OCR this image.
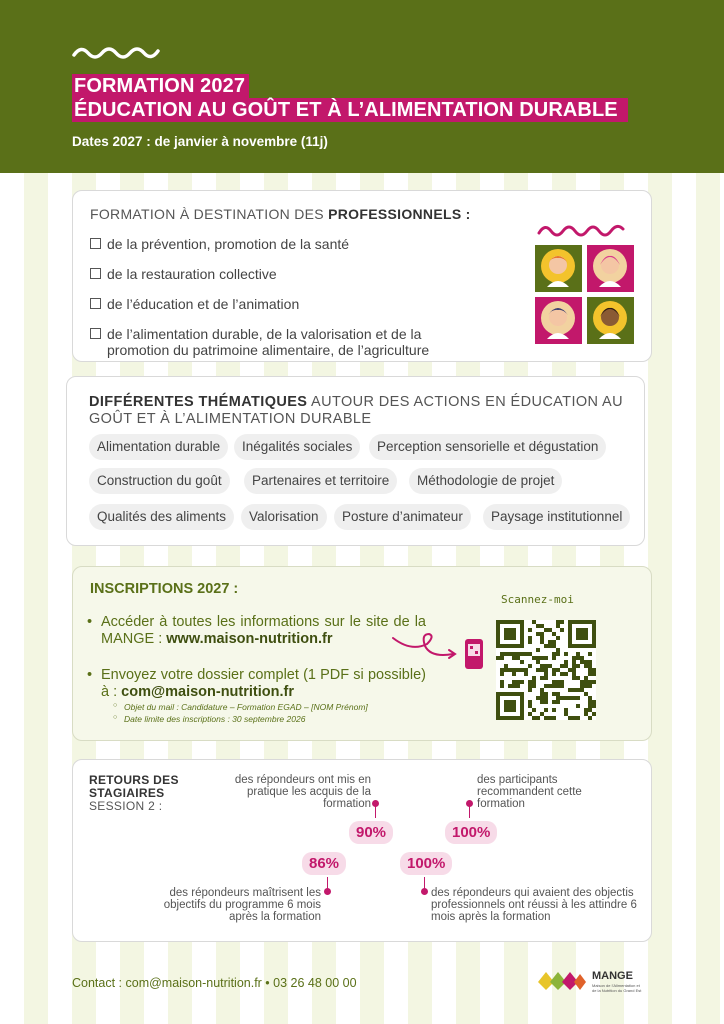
FORMATION 2027
ÉDUCATION AU GOÛT ET À L’ALIMENTATION DURABLE
Dates 2027 : de janvier à novembre (11j)
FORMATION À DESTINATION DES PROFESSIONNELS :
de la prévention, promotion de la santé
de la restauration collective
de l’éducation et de l’animation
de l’alimentation durable, de la valorisation et de la promotion du patrimoine alimentaire, de l’agriculture
DIFFÉRENTES THÉMATIQUES AUTOUR DES ACTIONS EN ÉDUCATION AU GOÛT ET À L’ALIMENTATION DURABLE
Alimentation durable	Inégalités sociales	Perception sensorielle et dégustation
Construction du goût	Partenaires et territoire	Méthodologie de projet
Qualités des aliments	Valorisation	Posture d’animateur	Paysage institutionnel
INSCRIPTIONS 2027 :
• Accéder à toutes les informations sur le site de la MANGE : www.maison-nutrition.fr
• Envoyez votre dossier complet (1 PDF si possible) à : com@maison-nutrition.fr
○ Objet du mail : Candidature – Formation EGAD – [NOM Prénom]
○ Date limite des inscriptions : 30 septembre 2026
Scannez-moi
RETOURS DES STAGIAIRES
SESSION 2 :
des répondeurs ont mis en pratique les acquis de la formation
90%
des participants recommandent cette formation
100%
86%
des répondeurs maîtrisent les objectifs du programme 6 mois après la formation
100%
des répondeurs qui avaient des objectis professionnels ont réussi à les attindre 6 mois après la formation
Contact : com@maison-nutrition.fr • 03 26 48 00 00	MANGE
Maison de l’Alimentation et de la Nutrition du Grand Est
